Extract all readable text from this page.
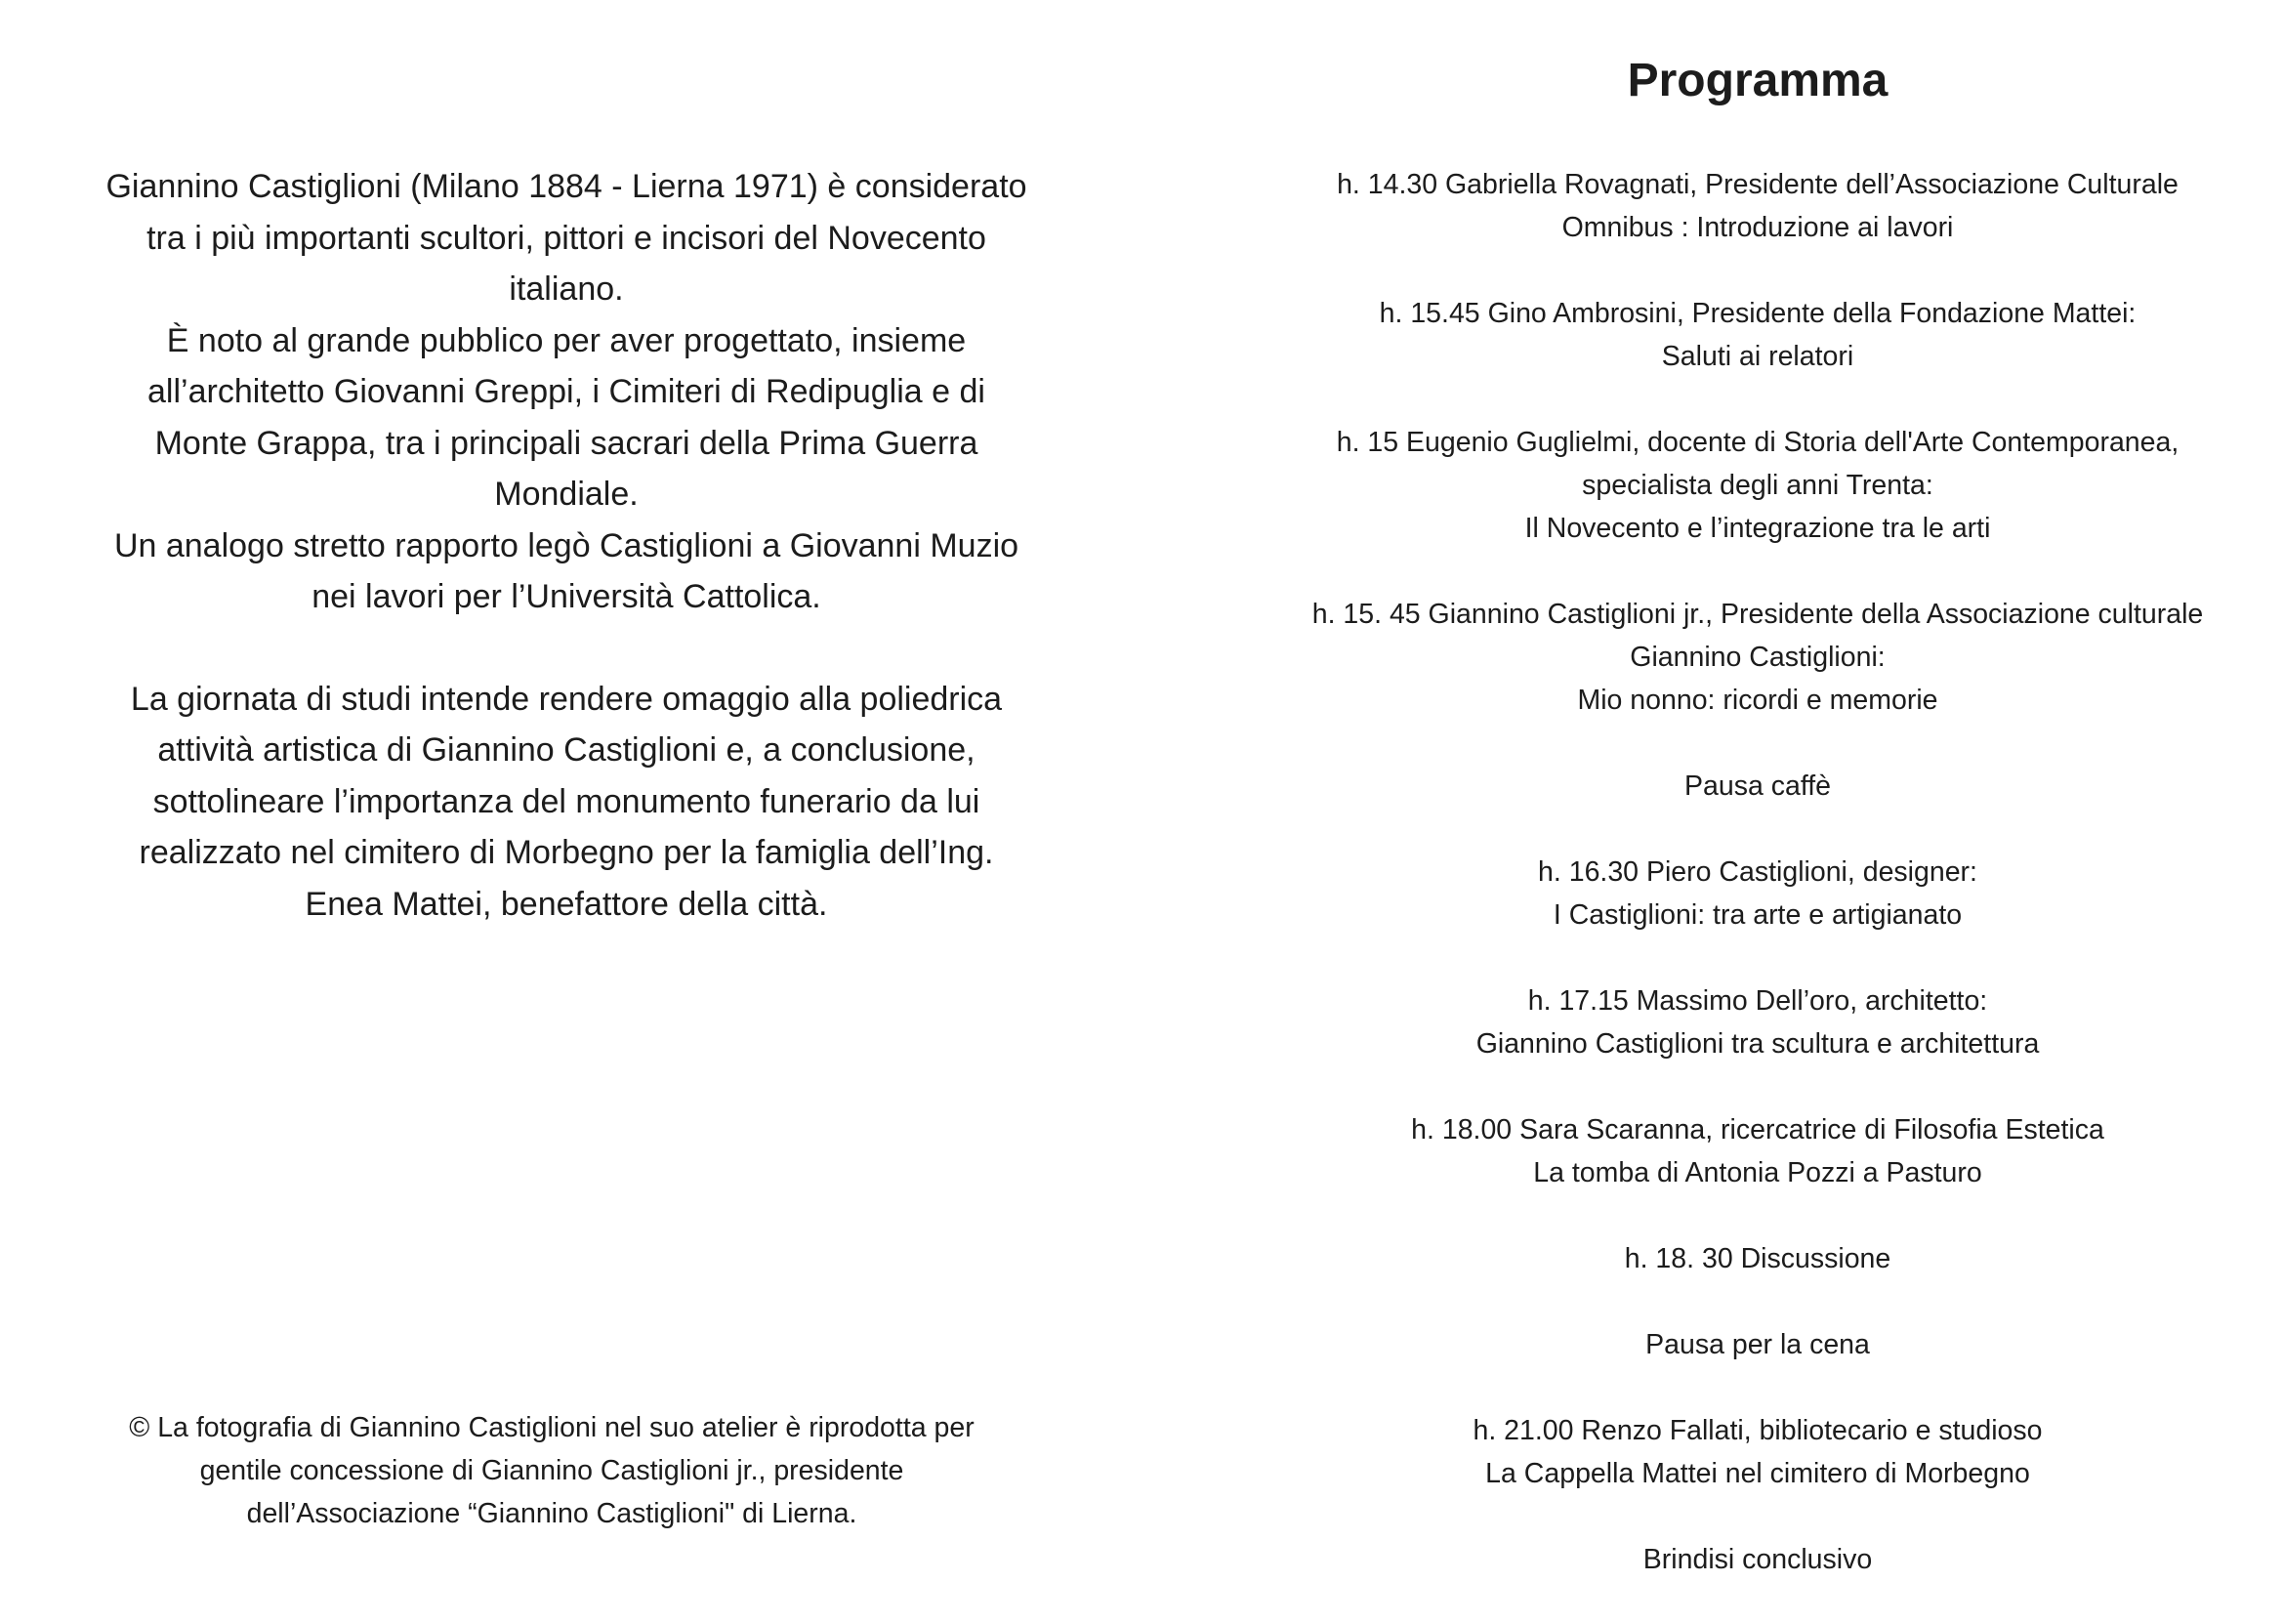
Giannino Castiglioni (Milano 1884 - Lierna 1971) è considerato

tra i più importanti scultori, pittori e incisori del Novecento

italiano.

È noto al grande pubblico per aver progettato, insieme

all’architetto Giovanni Greppi, i Cimiteri di Redipuglia e di

Monte Grappa, tra i principali sacrari della Prima Guerra

Mondiale.

Un analogo stretto rapporto legò Castiglioni a Giovanni Muzio

nei lavori per l’Università Cattolica.

La giornata di studi intende rendere omaggio alla poliedrica

attività artistica di Giannino Castiglioni e, a conclusione,

sottolineare l’importanza del monumento funerario da lui

realizzato nel cimitero di Morbegno per la famiglia dell’Ing.

Enea Mattei, benefattore della città.

© La fotografia di Giannino Castiglioni nel suo atelier è riprodotta per

gentile concessione di Giannino Castiglioni jr., presidente

dell’Associazione “Giannino Castiglioni" di Lierna.

Programma

h. 14.30 Gabriella Rovagnati, Presidente dell’Associazione Culturale

Omnibus : Introduzione ai lavori

h. 15.45 Gino Ambrosini, Presidente della Fondazione Mattei:

Saluti ai relatori

h. 15 Eugenio Guglielmi, docente di Storia dell'Arte Contemporanea,

specialista degli anni Trenta:

Il Novecento e l’integrazione tra le arti

h. 15. 45 Giannino Castiglioni jr., Presidente della Associazione culturale

Giannino Castiglioni:

Mio nonno: ricordi e memorie

Pausa caffè

h. 16.30 Piero Castiglioni, designer:

I Castiglioni: tra arte e artigianato

h. 17.15 Massimo Dell’oro, architetto:

Giannino Castiglioni tra scultura e architettura

h. 18.00 Sara Scaranna, ricercatrice di Filosofia Estetica

La tomba di Antonia Pozzi a Pasturo

h. 18. 30 Discussione

Pausa per la cena

h. 21.00 Renzo Fallati, bibliotecario e studioso

La Cappella Mattei nel cimitero di Morbegno

Brindisi conclusivo
